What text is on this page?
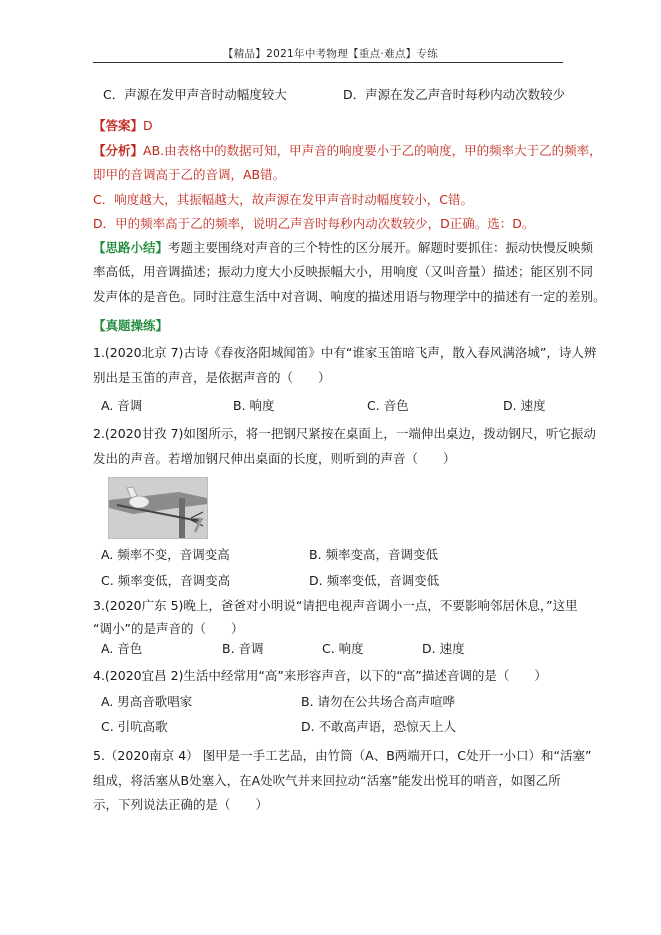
【精品】2021年中考物理【重点·难点】专练
C．声源在发甲声音时动幅度较大	D．声源在发乙声音时每秒内动次数较少
【答案】D
【分析】AB.由表格中的数据可知，甲声音的响度要小于乙的响度，甲的频率大于乙的频率，
即甲的音调高于乙的音调，AB错。
C．响度越大，其振幅越大，故声源在发甲声音时动幅度较小，C错。
D．甲的频率高于乙的频率，说明乙声音时每秒内动次数较少，D正确。选：D。
【思路小结】考题主要围绕对声音的三个特性的区分展开。解题时要抓住：振动快慢反映频
率高低，用音调描述；振动力度大小反映振幅大小，用响度（又叫音量）描述；能区别不同
发声体的是音色。同时注意生活中对音调、响度的描述用语与物理学中的描述有一定的差别。
【真题操练】
1.(2020北京 7)古诗《春夜洛阳城闻笛》中有“谁家玉笛暗飞声，散入春风满洛城”，诗人辨
别出是玉笛的声音，是依据声音的（　　）
A. 音调	B. 响度	C. 音色	D. 速度
2.(2020甘孜 7)如图所示，将一把钢尺紧按在桌面上，一端伸出桌边，拨动钢尺，听它振动
发出的声音。若增加钢尺伸出桌面的长度，则听到的声音（　　）
A. 频率不变，音调变高	B. 频率变高，音调变低
C. 频率变低，音调变高	D. 频率变低，音调变低
3.(2020广东 5)晚上，爸爸对小明说“请把电视声音调小一点，不要影响邻居休息，”这里
“调小”的是声音的（　　）
A. 音色	B. 音调	C. 响度	D. 速度
4.(2020宜昌 2)生活中经常用“高”来形容声音，以下的“高”描述音调的是（　　）
A. 男高音歌唱家	B. 请勿在公共场合高声喧哗
C. 引吭高歌	D. 不敢高声语，恐惊天上人
5.（2020南京 4） 图甲是一手工艺品，由竹筒（A、B两端开口，C处开一小口）和“活塞”
组成，将活塞从B处塞入，在A处吹气并来回拉动“活塞”能发出悦耳的哨音，如图乙所
示，下列说法正确的是（　　）
